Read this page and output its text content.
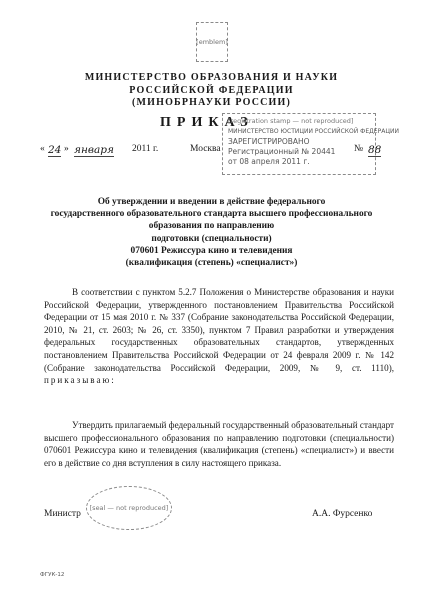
[emblem]
МИНИСТЕРСТВО ОБРАЗОВАНИЯ И НАУКИ
РОССИЙСКОЙ ФЕДЕРАЦИИ
(МИНОБРНАУКИ РОССИИ)
ПРИКАЗ
« 24 » января 2011 г.	Москва	№ 88
[registration stamp — not reproduced]
МИНИСТЕРСТВО ЮСТИЦИИ РОССИЙСКОЙ ФЕДЕРАЦИИ
ЗАРЕГИСТРИРОВАНО
Регистрационный № 20441
от 08 апреля 2011 г.
Об утверждении и введении в действие федерального
государственного образовательного стандарта высшего профессионального
образования по направлению
подготовки (специальности)
070601 Режиссура кино и телевидения
(квалификация (степень) «специалист»)
В соответствии с пунктом 5.2.7 Положения о Министерстве образования и науки Российской Федерации, утвержденного постановлением Правительства Российской Федерации от 15 мая 2010 г. № 337 (Собрание законодательства Российской Федерации, 2010, № 21, ст. 2603; № 26, ст. 3350), пунктом 7 Правил разработки и утверждения федеральных государственных образовательных стандартов, утвержденных постановлением Правительства Российской Федерации от 24 февраля 2009 г. № 142 (Собрание законодательства Российской Федерации, 2009, № 9, ст. 1110), приказываю:
Утвердить прилагаемый федеральный государственный образовательный стандарт высшего профессионального образования по направлению подготовки (специальности) 070601 Режиссура кино и телевидения (квалификация (степень) «специалист») и ввести его в действие со дня вступления в силу настоящего приказа.
[seal — not reproduced]
Министр	А.А. Фурсенко
ФГУК-12
